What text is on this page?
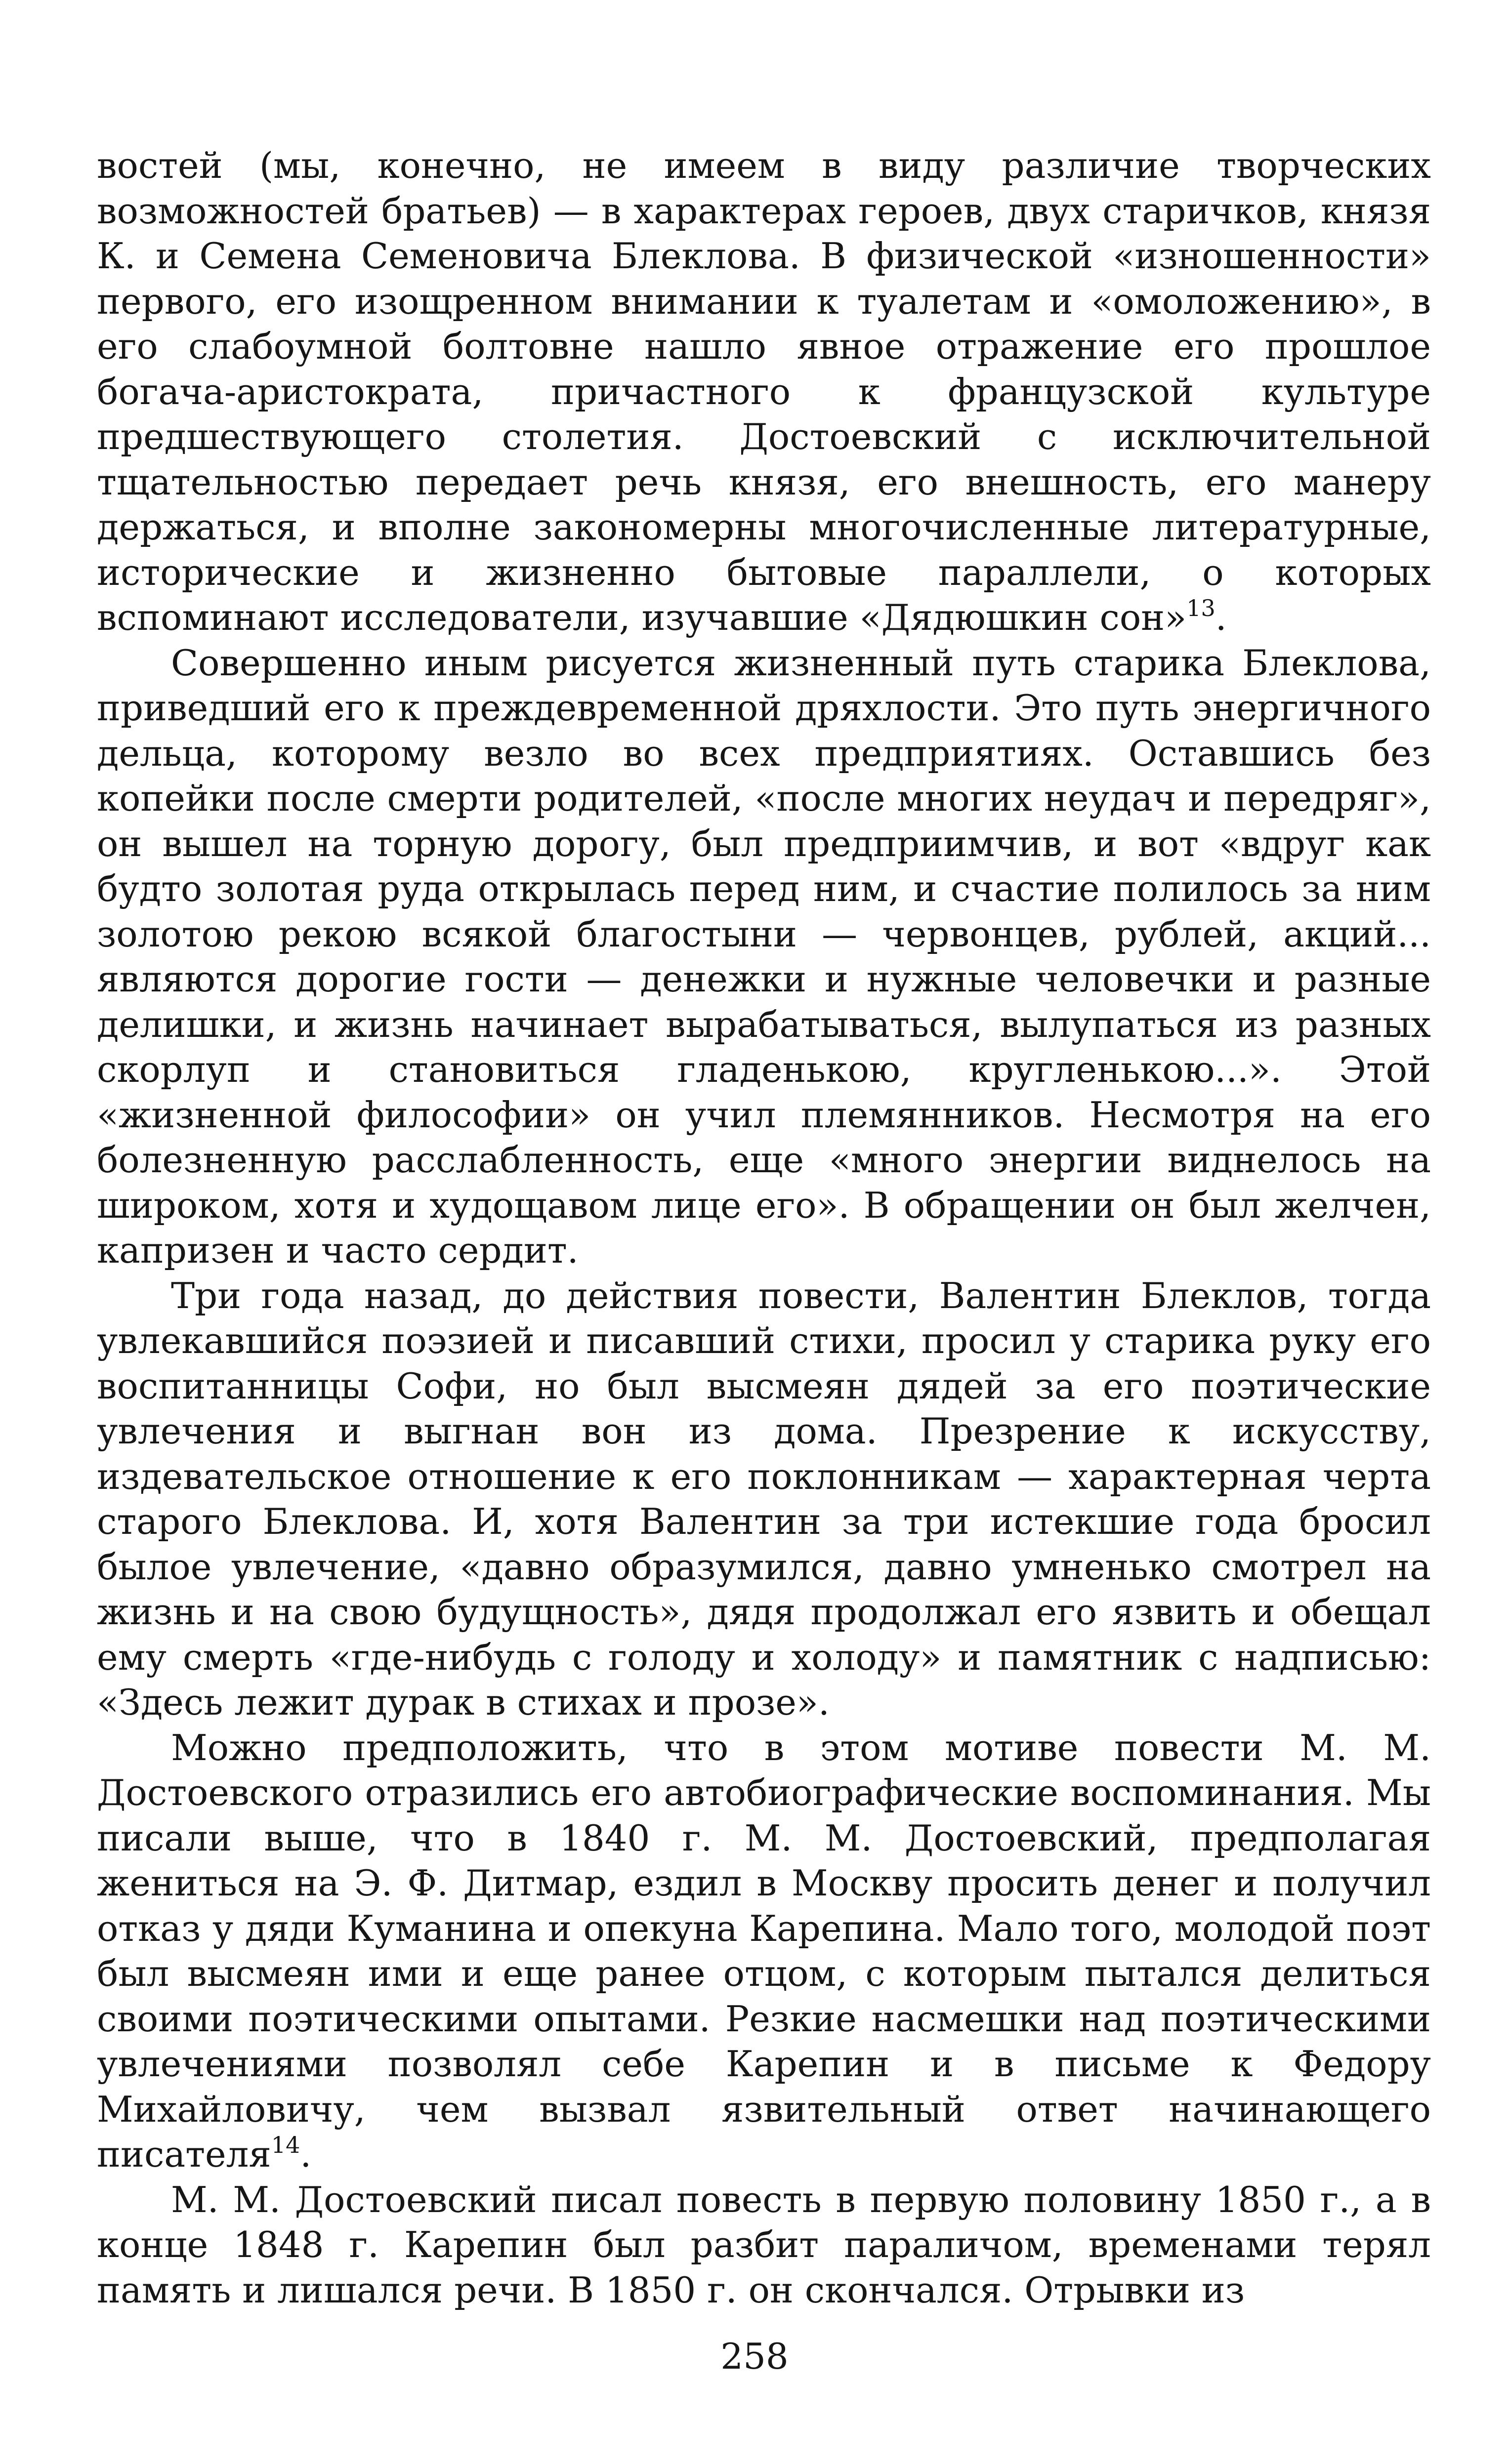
востей (мы, конечно, не имеем в виду различие творческих возможностей братьев) — в характерах героев, двух старичков, князя К. и Семена Семеновича Блеклова. В физической «изношенности» первого, его изощренном внимании к туалетам и «омоложению», в его слабоумной болтовне нашло явное отражение его прошлое богача-аристократа, причастного к французской культуре предшествующего столетия. Достоевский с исключительной тщательностью передает речь князя, его внешность, его манеру держаться, и вполне закономерны многочисленные литературные, исторические и жизненно бытовые параллели, о которых вспоминают исследователи, изучавшие «Дядюшкин сон»$^{13}$.

Совершенно иным рисуется жизненный путь старика Блеклова, приведший его к преждевременной дряхлости. Это путь энергичного дельца, которому везло во всех предприятиях. Оставшись без копейки после смерти родителей, «после многих неудач и передряг», он вышел на торную дорогу, был предприимчив, и вот «вдруг как будто золотая руда открылась перед ним, и счастие полилось за ним золотою рекою всякой благостыни — червонцев, рублей, акций... являются дорогие гости — денежки и нужные человечки и разные делишки, и жизнь начинает вырабатываться, вылупаться из разных скорлуп и становиться гладенькою, кругленькою...». Этой «жизненной философии» он учил племянников. Несмотря на его болезненную расслабленность, еще «много энергии виднелось на широком, хотя и худощавом лице его». В обращении он был желчен, капризен и часто сердит.

Три года назад, до действия повести, Валентин Блеклов, тогда увлекавшийся поэзией и писавший стихи, просил у старика руку его воспитанницы Софи, но был высмеян дядей за его поэтические увлечения и выгнан вон из дома. Презрение к искусству, издевательское отношение к его поклонникам — характерная черта старого Блеклова. И, хотя Валентин за три истекшие года бросил былое увлечение, «давно образумился, давно умненько смотрел на жизнь и на свою будущность», дядя продолжал его язвить и обещал ему смерть «где-нибудь с голоду и холоду» и памятник с надписью: «Здесь лежит дурак в стихах и прозе».

Можно предположить, что в этом мотиве повести М. М. Достоевского отразились его автобиографические воспоминания. Мы писали выше, что в 1840 г. М. М. Достоевский, предполагая жениться на Э. Ф. Дитмар, ездил в Москву просить денег и получил отказ у дяди Куманина и опекуна Карепина. Мало того, молодой поэт был высмеян ими и еще ранее отцом, с которым пытался делиться своими поэтическими опытами. Резкие насмешки над поэтическими увлечениями позволял себе Карепин и в письме к Федору Михайловичу, чем вызвал язвительный ответ начинающего писателя$^{14}$.

М. М. Достоевский писал повесть в первую половину 1850 г., а в конце 1848 г. Карепин был разбит параличом, временами терял память и лишался речи. В 1850 г. он скончался. Отрывки из

258
